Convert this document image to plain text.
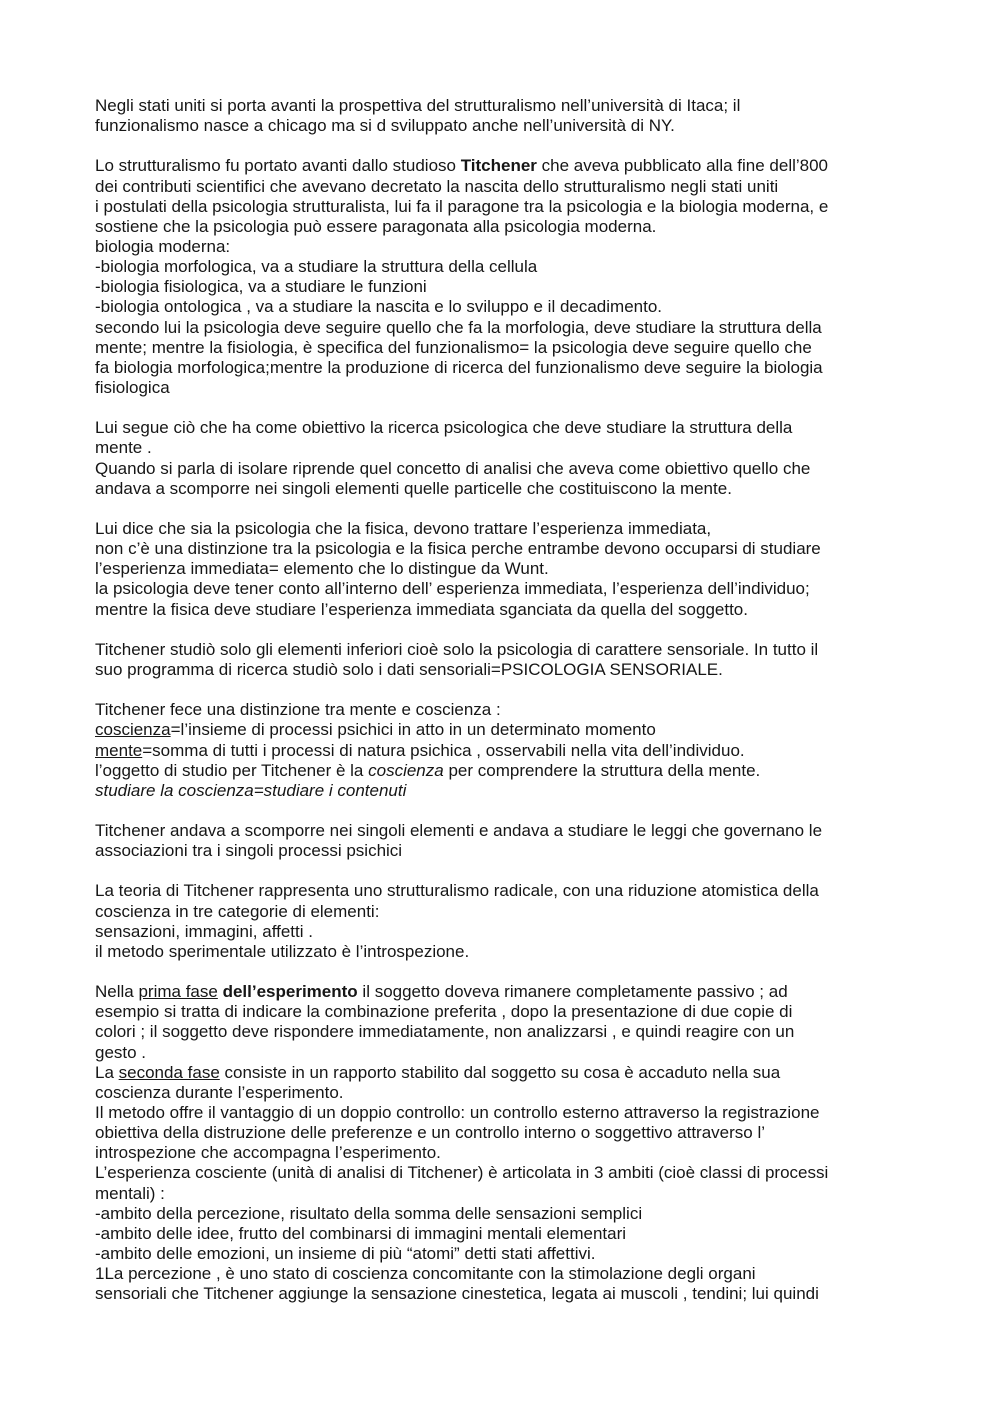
Negli stati uniti si porta avanti la prospettiva del strutturalismo nell’università di Itaca; il
funzionalismo nasce a chicago ma si d sviluppato anche nell’università di NY.
Lo strutturalismo fu portato avanti dallo studioso Titchener che aveva pubblicato alla fine dell’800
dei contributi scientifici che avevano decretato la nascita dello strutturalismo negli stati uniti
i postulati della psicologia strutturalista, lui fa il paragone tra la psicologia e la biologia moderna, e
sostiene che la psicologia può essere paragonata alla psicologia moderna.
biologia moderna:
-biologia morfologica, va a studiare la struttura della cellula
-biologia fisiologica, va a studiare le funzioni
-biologia ontologica , va a studiare la nascita e lo sviluppo e il decadimento.
secondo lui la psicologia deve seguire quello che fa la morfologia, deve studiare la struttura della
mente; mentre la fisiologia, è specifica del funzionalismo= la psicologia deve seguire quello che
fa biologia morfologica;mentre la produzione di ricerca del funzionalismo deve seguire la biologia
fisiologica
Lui segue ciò che ha come obiettivo la ricerca psicologica che deve studiare la struttura della
mente .
Quando si parla di isolare riprende quel concetto di analisi che aveva come obiettivo quello che
andava a scomporre nei singoli elementi quelle particelle che costituiscono la mente.
Lui dice che sia la psicologia che la fisica, devono trattare l’esperienza immediata,
non c’è una distinzione tra la psicologia e la fisica perche entrambe devono occuparsi di studiare
l’esperienza immediata= elemento che lo distingue da Wunt.
la psicologia deve tener conto all’interno dell’ esperienza immediata, l’esperienza dell’individuo;
mentre la fisica deve studiare l’esperienza immediata sganciata da quella del soggetto.
Titchener studiò solo gli elementi inferiori cioè solo la psicologia di carattere sensoriale. In tutto il
suo programma di ricerca studiò solo i dati sensoriali=PSICOLOGIA SENSORIALE.
Titchener fece una distinzione tra mente e coscienza :
coscienza=l’insieme di processi psichici in atto in un determinato momento
mente=somma di tutti i processi di natura psichica , osservabili nella vita dell’individuo.
l’oggetto di studio per Titchener è la coscienza per comprendere la struttura della mente.
studiare la coscienza=studiare i contenuti
Titchener andava a scomporre nei singoli elementi e andava a studiare le leggi che governano le
associazioni tra i singoli processi psichici
La teoria di Titchener rappresenta uno strutturalismo radicale, con una riduzione atomistica della
coscienza in tre categorie di elementi:
sensazioni, immagini, affetti .
il metodo sperimentale utilizzato è l’introspezione.
Nella prima fase dell’esperimento il soggetto doveva rimanere completamente passivo ; ad
esempio si tratta di indicare la combinazione preferita , dopo la presentazione di due copie di
colori ; il soggetto deve rispondere immediatamente, non analizzarsi , e quindi reagire con un
gesto .
La seconda fase consiste in un rapporto stabilito dal soggetto su cosa è accaduto nella sua
coscienza durante l’esperimento.
Il metodo offre il vantaggio di un doppio controllo: un controllo esterno attraverso la registrazione
obiettiva della distruzione delle preferenze e un controllo interno o soggettivo attraverso l’
introspezione che accompagna l’esperimento.
L’esperienza cosciente (unità di analisi di Titchener) è articolata in 3 ambiti (cioè classi di processi
mentali) :
-ambito della percezione, risultato della somma delle sensazioni semplici
-ambito delle idee, frutto del combinarsi di immagini mentali elementari
-ambito delle emozioni, un insieme di più “atomi” detti stati affettivi.
1La percezione , è uno stato di coscienza concomitante con la stimolazione degli organi
sensoriali che Titchener aggiunge la sensazione cinestetica, legata ai muscoli , tendini; lui quindi
